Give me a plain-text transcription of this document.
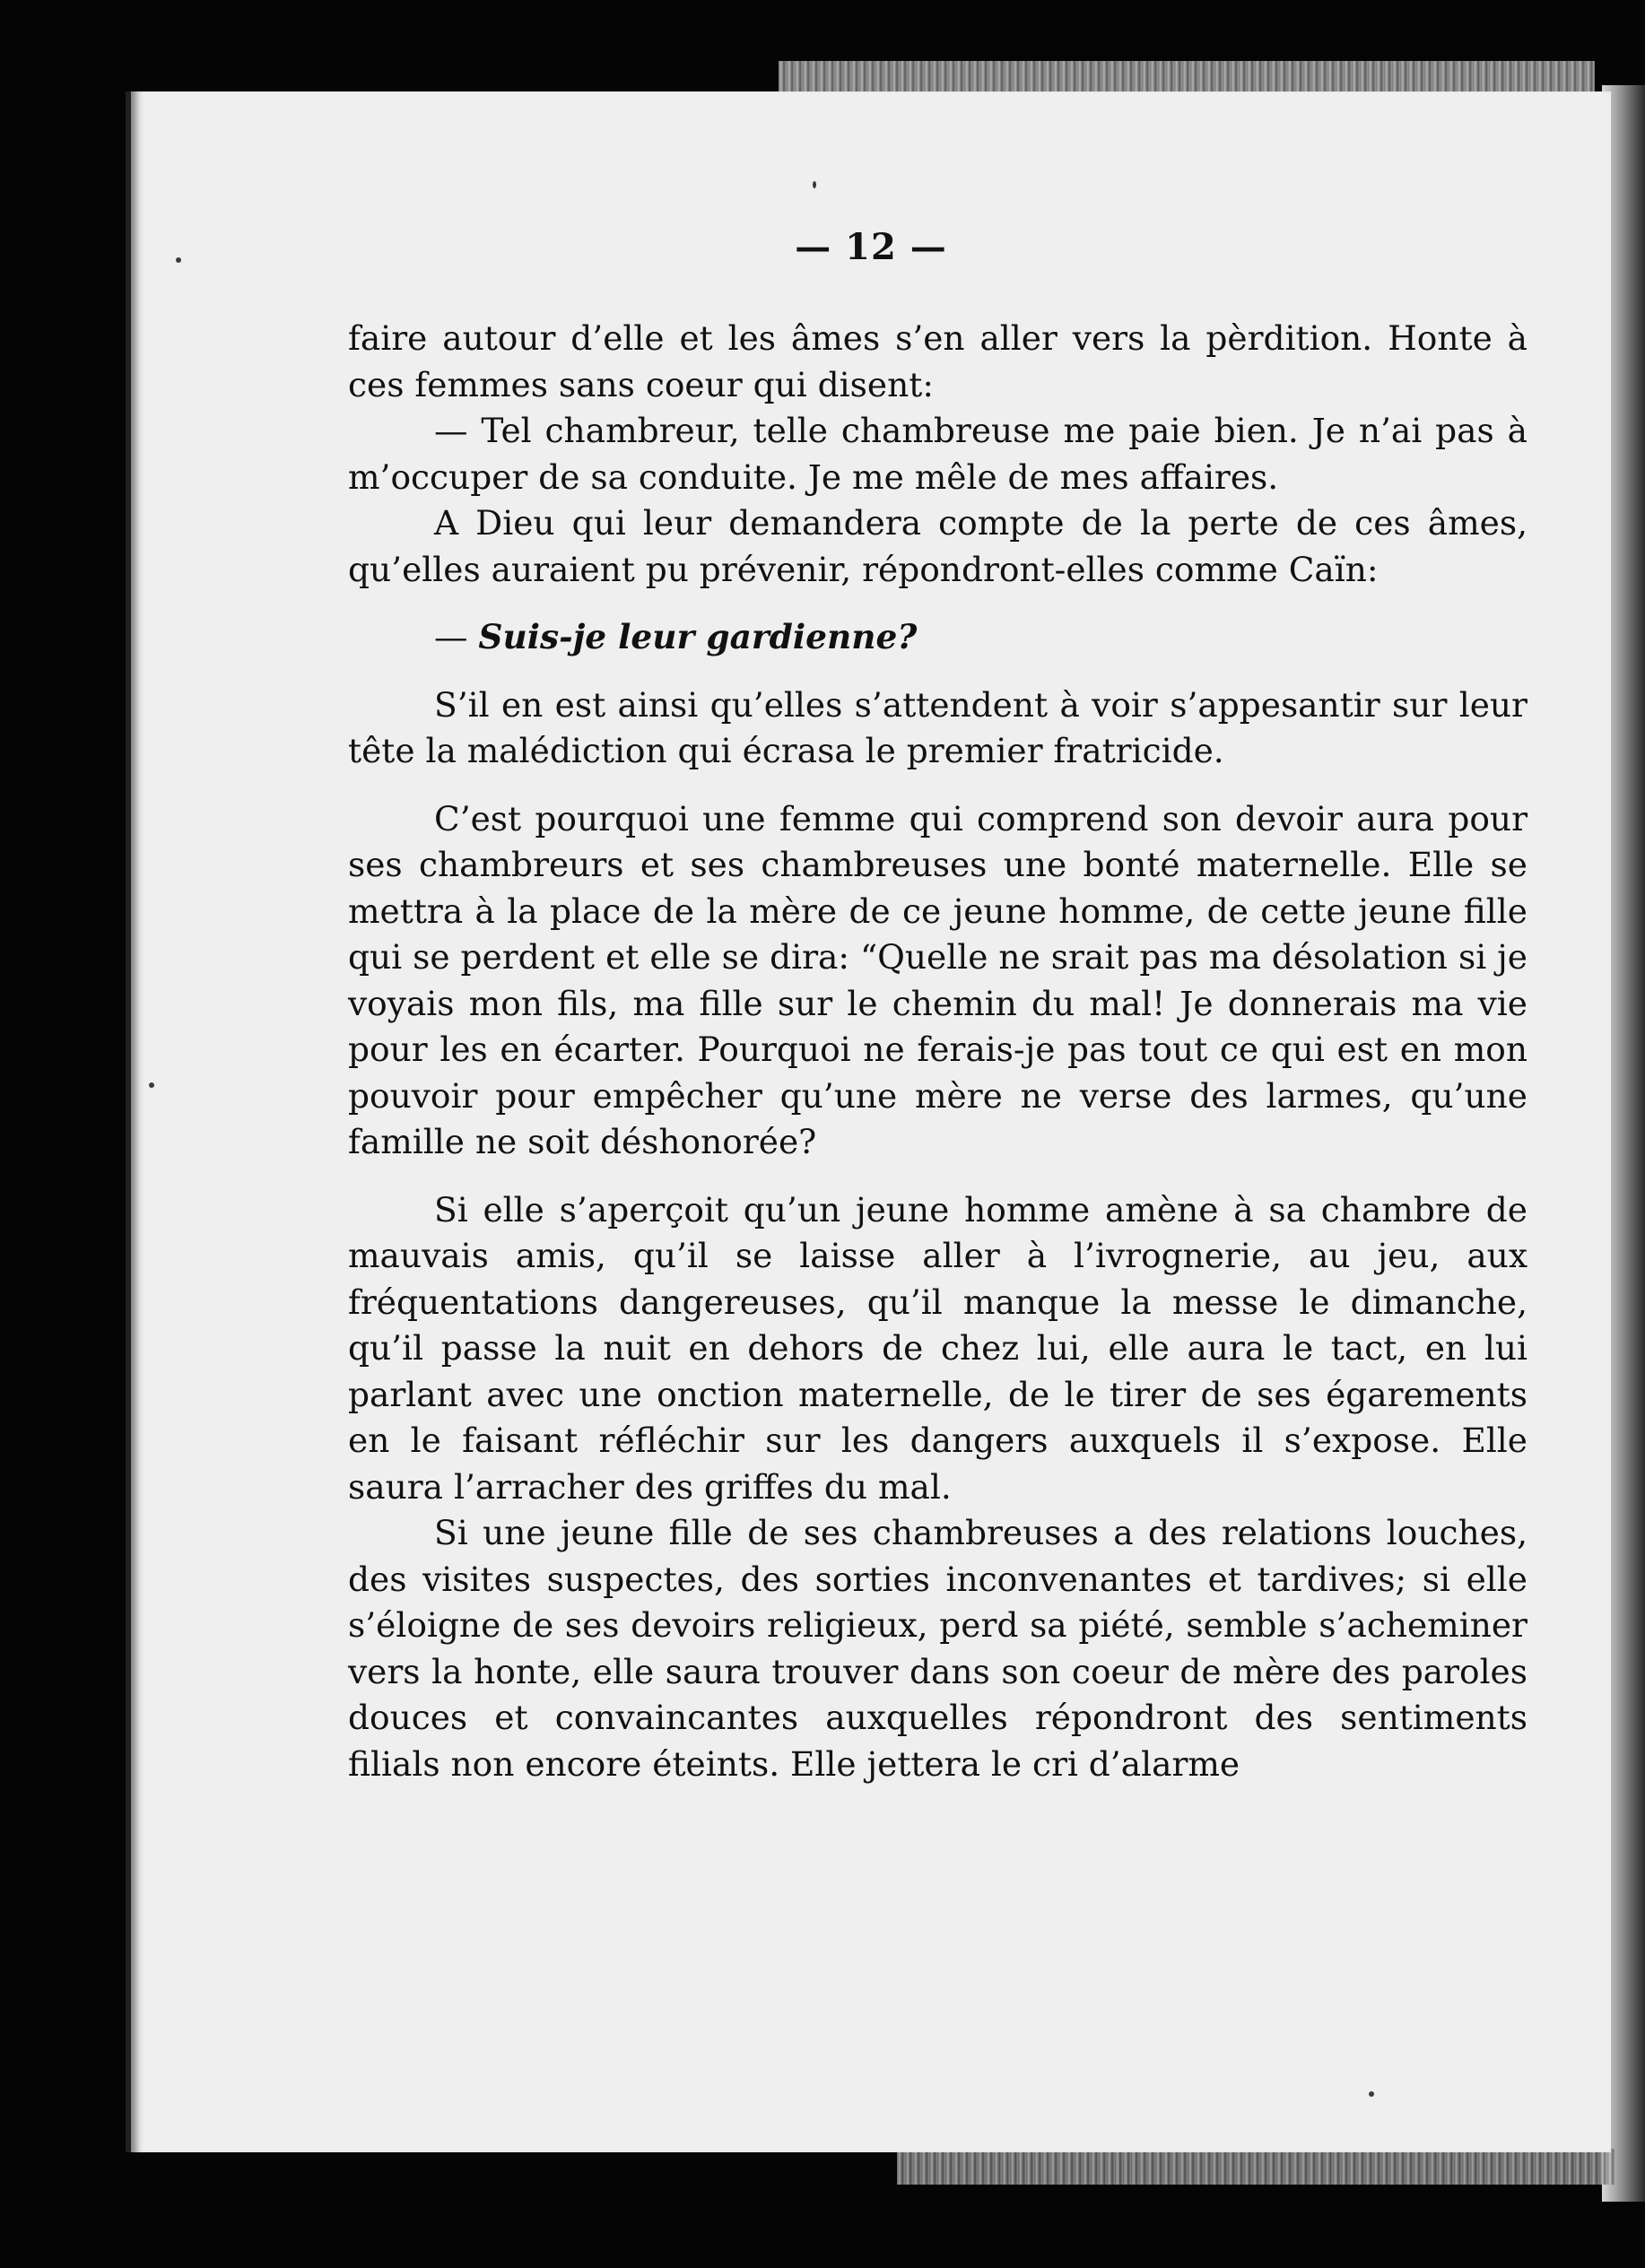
— 12 —

faire autour d’elle et les âmes s’en aller vers la pèrdition. Honte à ces femmes sans coeur qui disent:

— Tel chambreur, telle chambreuse me paie bien. Je n’ai pas à m’occuper de sa conduite. Je me mêle de mes affaires.

A Dieu qui leur demandera compte de la perte de ces âmes, qu’elles auraient pu prévenir, répondront-elles comme Caïn:

— Suis-je leur gardienne?

S’il en est ainsi qu’elles s’attendent à voir s’appesantir sur leur tête la malédiction qui écrasa le premier fratricide.

C’est pourquoi une femme qui comprend son devoir aura pour ses chambreurs et ses chambreuses une bonté maternelle. Elle se mettra à la place de la mère de ce jeune homme, de cette jeune fille qui se perdent et elle se dira: “Quelle ne srait pas ma désolation si je voyais mon fils, ma fille sur le chemin du mal! Je donnerais ma vie pour les en écarter. Pourquoi ne ferais-je pas tout ce qui est en mon pouvoir pour empêcher qu’une mère ne verse des larmes, qu’une famille ne soit déshonorée?

Si elle s’aperçoit qu’un jeune homme amène à sa chambre de mauvais amis, qu’il se laisse aller à l’ivrognerie, au jeu, aux fréquentations dangereuses, qu’il manque la messe le dimanche, qu’il passe la nuit en dehors de chez lui, elle aura le tact, en lui parlant avec une onction maternelle, de le tirer de ses égarements en le faisant réfléchir sur les dangers auxquels il s’expose. Elle saura l’arracher des griffes du mal.

Si une jeune fille de ses chambreuses a des relations louches, des visites suspectes, des sorties inconvenantes et tardives; si elle s’éloigne de ses devoirs religieux, perd sa piété, semble s’acheminer vers la honte, elle saura trouver dans son coeur de mère des paroles douces et convaincantes auxquelles répondront des sentiments filials non encore éteints. Elle jettera le cri d’alarme
